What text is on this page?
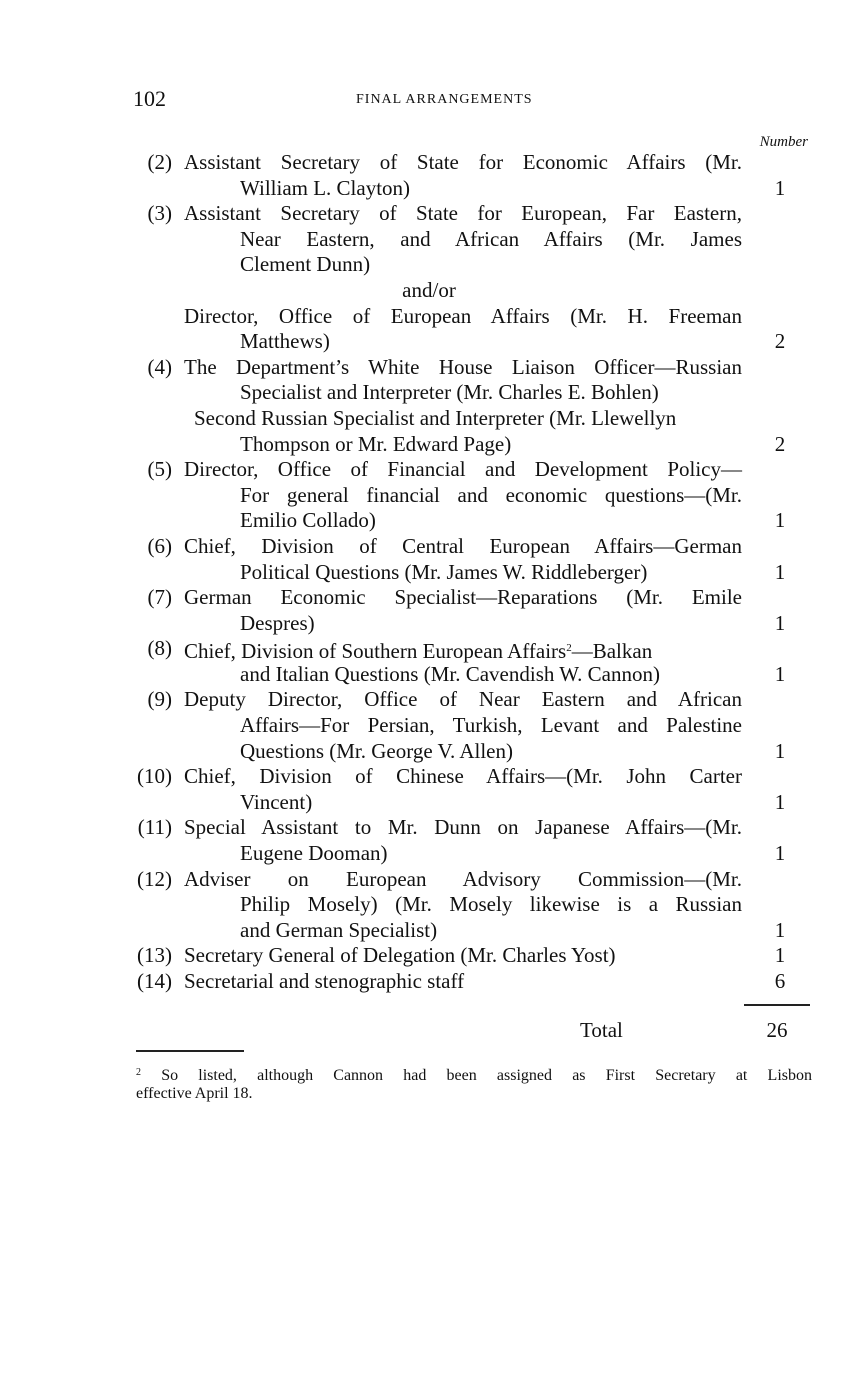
102	FINAL ARRANGEMENTS
Number
(2) Assistant Secretary of State for Economic Affairs (Mr.
William L. Clayton)	1
(3) Assistant Secretary of State for European, Far Eastern,
Near Eastern, and African Affairs (Mr. James
Clement Dunn)
and/or
Director, Office of European Affairs (Mr. H. Freeman
Matthews)	2
(4) The Department’s White House Liaison Officer—Russian
Specialist and Interpreter (Mr. Charles E. Bohlen)
Second Russian Specialist and Interpreter (Mr. Llewellyn
Thompson or Mr. Edward Page)	2
(5) Director, Office of Financial and Development Policy—
For general financial and economic questions—(Mr.
Emilio Collado)	1
(6) Chief, Division of Central European Affairs—German
Political Questions (Mr. James W. Riddleberger)	1
(7) German Economic Specialist—Reparations (Mr. Emile
Despres)	1
(8) Chief, Division of Southern European Affairs$^2$—Balkan
and Italian Questions (Mr. Cavendish W. Cannon)	1
(9) Deputy Director, Office of Near Eastern and African
Affairs—For Persian, Turkish, Levant and Palestine
Questions (Mr. George V. Allen)	1
(10) Chief, Division of Chinese Affairs—(Mr. John Carter
Vincent)	1
(11) Special Assistant to Mr. Dunn on Japanese Affairs—(Mr.
Eugene Dooman)	1
(12) Adviser on European Advisory Commission—(Mr.
Philip Mosely) (Mr. Mosely likewise is a Russian
and German Specialist)	1
(13) Secretary General of Delegation (Mr. Charles Yost)	1
(14) Secretarial and stenographic staff	6
Total	26
$^2$ So listed, although Cannon had been assigned as First Secretary at Lisbon
effective April 18.
